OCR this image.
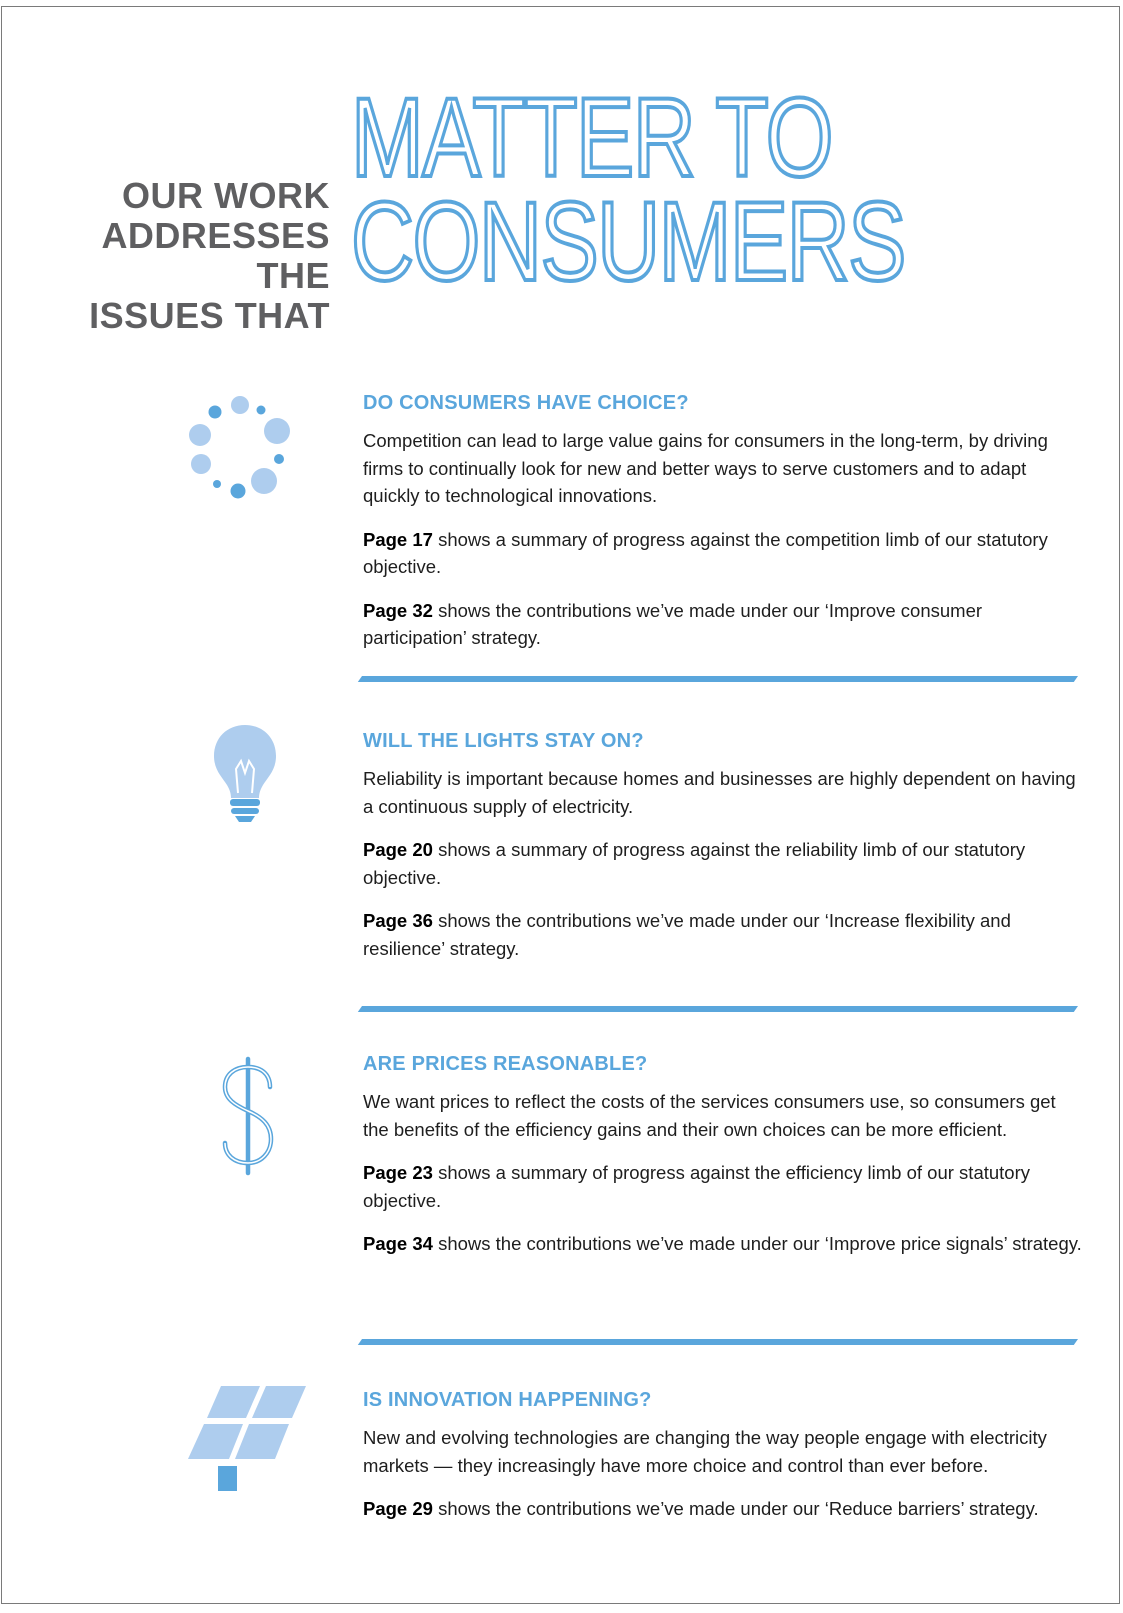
OUR WORK
ADDRESSES THE
ISSUES THAT
MATTER TO
CONSUMERS
DO CONSUMERS HAVE CHOICE?

Competition can lead to large value gains for consumers in the long-term, by driving firms to continually look for new and better ways to serve customers and to adapt quickly to technological innovations.

Page 17 shows a summary of progress against the competition limb of our statutory objective.

Page 32 shows the contributions we’ve made under our ‘Improve consumer participation’ strategy.

WILL THE LIGHTS STAY ON?

Reliability is important because homes and businesses are highly dependent on having a continuous supply of electricity.

Page 20 shows a summary of progress against the reliability limb of our statutory objective.

Page 36 shows the contributions we’ve made under our ‘Increase flexibility and resilience’ strategy.

ARE PRICES REASONABLE?

We want prices to reflect the costs of the services consumers use, so consumers get the benefits of the efficiency gains and their own choices can be more efficient.

Page 23 shows a summary of progress against the efficiency limb of our statutory objective.

Page 34 shows the contributions we’ve made under our ‘Improve price signals’ strategy.

IS INNOVATION HAPPENING?

New and evolving technologies are changing the way people engage with electricity markets — they increasingly have more choice and control than ever before.

Page 29 shows the contributions we’ve made under our ‘Reduce barriers’ strategy.
